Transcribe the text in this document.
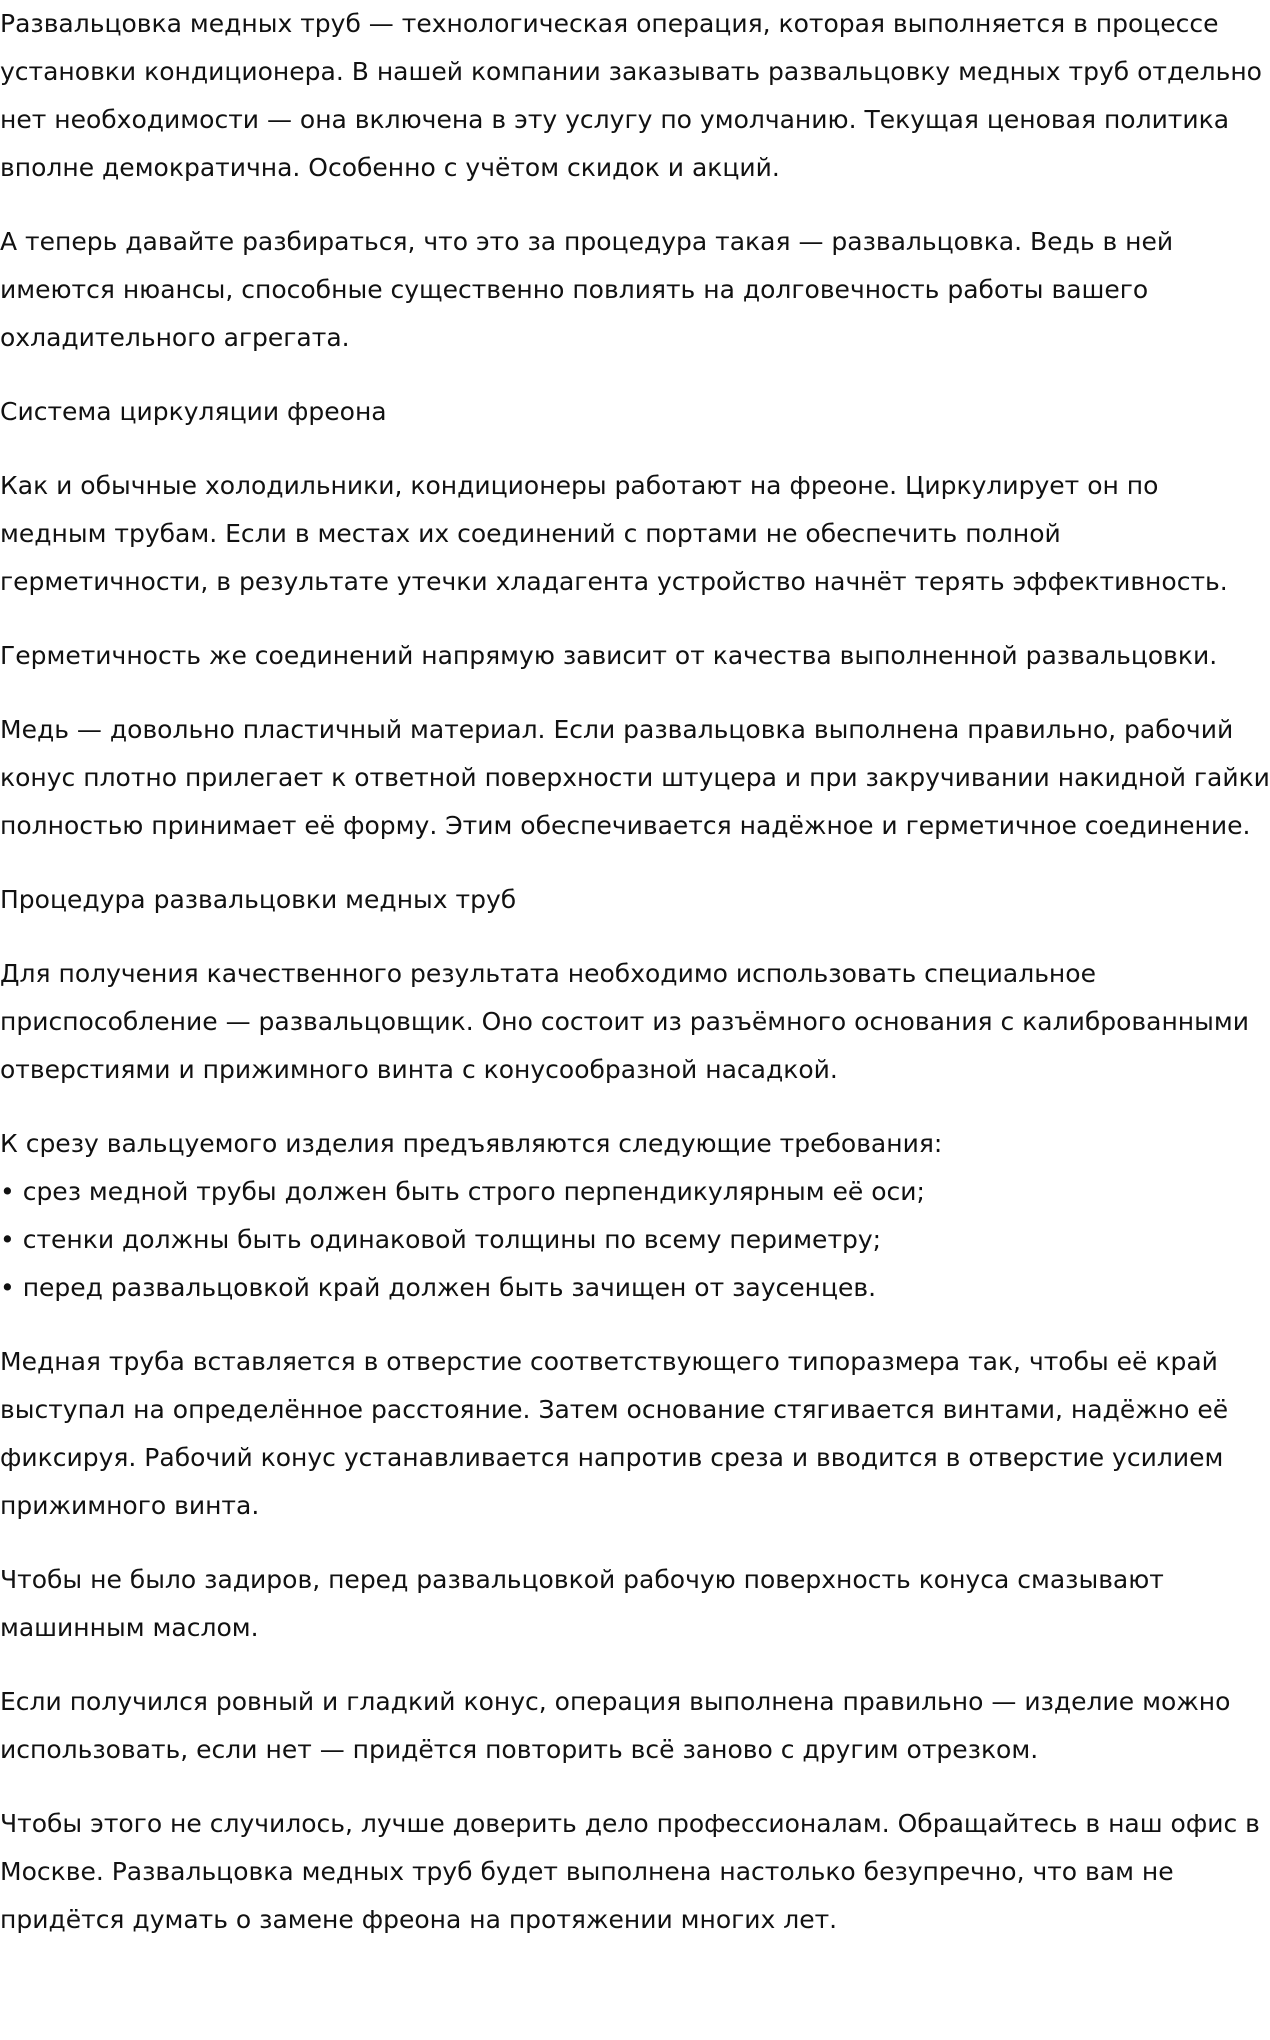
Развальцовка медных труб — технологическая операция, которая выполняется в процессе установки кондиционера. В нашей компании заказывать развальцовку медных труб отдельно нет необходимости — она включена в эту услугу по умолчанию. Текущая ценовая политика вполне демократична. Особенно с учётом скидок и акций.

А теперь давайте разбираться, что это за процедура такая — развальцовка. Ведь в ней имеются нюансы, способные существенно повлиять на долговечность работы вашего охладительного агрегата.

Система циркуляции фреона

Как и обычные холодильники, кондиционеры работают на фреоне. Циркулирует он по медным трубам. Если в местах их соединений с портами не обеспечить полной герметичности, в результате утечки хладагента устройство начнёт терять эффективность.

Герметичность же соединений напрямую зависит от качества выполненной развальцовки.

Медь — довольно пластичный материал. Если развальцовка выполнена правильно, рабочий конус плотно прилегает к ответной поверхности штуцера и при закручивании накидной гайки полностью принимает её форму. Этим обеспечивается надёжное и герметичное соединение.

Процедура развальцовки медных труб

Для получения качественного результата необходимо использовать специальное приспособление — развальцовщик. Оно состоит из разъёмного основания с калиброванными отверстиями и прижимного винта с конусообразной насадкой.

К срезу вальцуемого изделия предъявляются следующие требования:
• срез медной трубы должен быть строго перпендикулярным её оси;
• стенки должны быть одинаковой толщины по всему периметру;
• перед развальцовкой край должен быть зачищен от заусенцев.

Медная труба вставляется в отверстие соответствующего типоразмера так, чтобы её край выступал на определённое расстояние. Затем основание стягивается винтами, надёжно её фиксируя. Рабочий конус устанавливается напротив среза и вводится в отверстие усилием прижимного винта.

Чтобы не было задиров, перед развальцовкой рабочую поверхность конуса смазывают машинным маслом.

Если получился ровный и гладкий конус, операция выполнена правильно — изделие можно использовать, если нет — придётся повторить всё заново с другим отрезком.

Чтобы этого не случилось, лучше доверить дело профессионалам. Обращайтесь в наш офис в Москве. Развальцовка медных труб будет выполнена настолько безупречно, что вам не придётся думать о замене фреона на протяжении многих лет.
